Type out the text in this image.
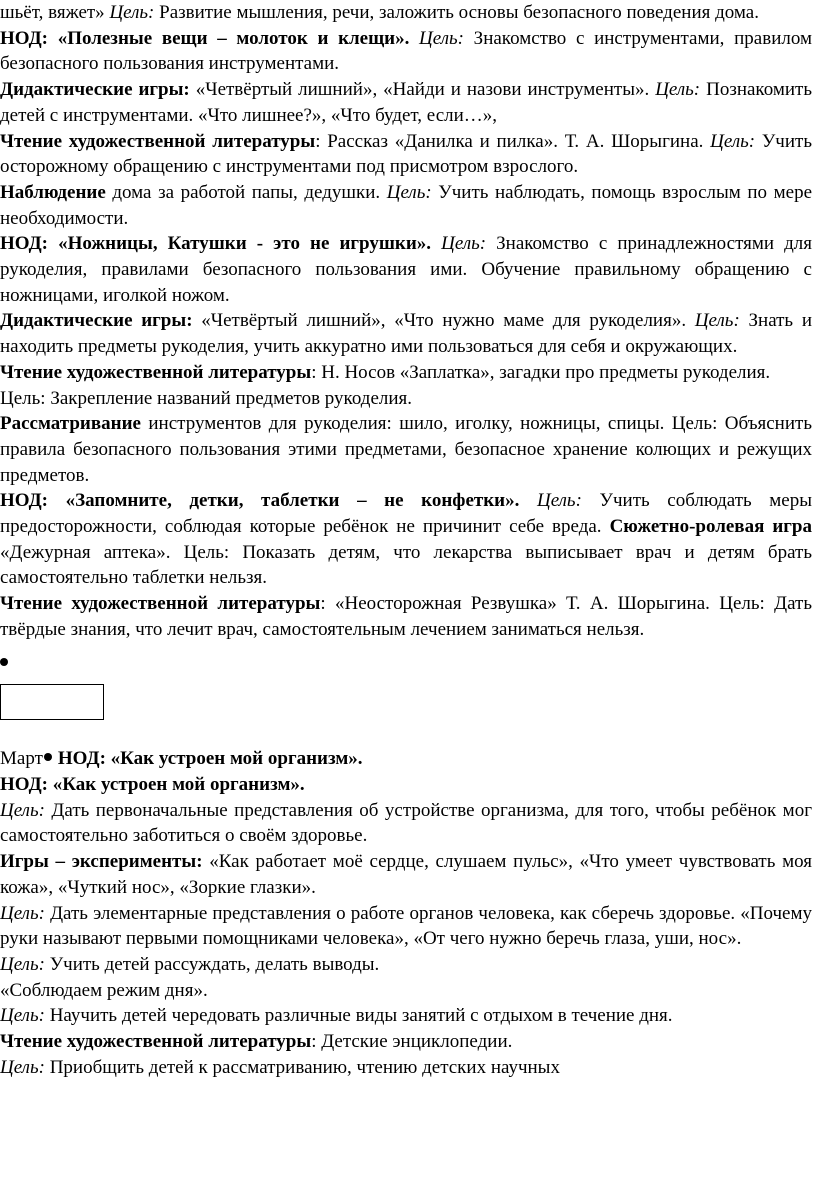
шьёт, вяжет» Цель: Развитие мышления, речи, заложить основы безопасного поведения дома.
НОД: «Полезные вещи – молоток и клещи». Цель: Знакомство с инструментами, правилом безопасного пользования инструментами.
Дидактические игры: «Четвёртый лишний», «Найди и назови инструменты». Цель: Познакомить детей с инструментами. «Что лишнее?», «Что будет, если…»,
Чтение художественной литературы: Рассказ «Данилка и пилка». Т. А. Шорыгина. Цель: Учить осторожному обращению с инструментами под присмотром взрослого.
Наблюдение дома за работой папы, дедушки. Цель: Учить наблюдать, помощь взрослым по мере необходимости.
НОД: «Ножницы, Катушки - это не игрушки». Цель: Знакомство с принадлежностями для рукоделия, правилами безопасного пользования ими. Обучение правильному обращению с ножницами, иголкой ножом.
Дидактические игры: «Четвёртый лишний», «Что нужно маме для рукоделия». Цель: Знать и находить предметы рукоделия, учить аккуратно ими пользоваться для себя и окружающих.
Чтение художественной литературы: Н. Носов «Заплатка», загадки про предметы рукоделия.
Цель: Закрепление названий предметов рукоделия.
Рассматривание инструментов для рукоделия: шило, иголку, ножницы, спицы. Цель: Объяснить правила безопасного пользования этими предметами, безопасное хранение колющих и режущих предметов.
НОД: «Запомните, детки, таблетки – не конфетки». Цель: Учить соблюдать меры предосторожности, соблюдая которые ребёнок не причинит себе вреда. Сюжетно-ролевая игра «Дежурная аптека». Цель: Показать детям, что лекарства выписывает врач и детям брать самостоятельно таблетки нельзя.
Чтение художественной литературы: «Неосторожная Резвушка» Т. А. Шорыгина. Цель: Дать твёрдые знания, что лечит врач, самостоятельным лечением заниматься нельзя.
Март НОД: «Как устроен мой организм».
НОД: «Как устроен мой организм».
Цель: Дать первоначальные представления об устройстве организма, для того, чтобы ребёнок мог самостоятельно заботиться о своём здоровье.
Игры – эксперименты: «Как работает моё сердце, слушаем пульс», «Что умеет чувствовать моя кожа», «Чуткий нос», «Зоркие глазки».
Цель: Дать элементарные представления о работе органов человека, как сберечь здоровье. «Почему руки называют первыми помощниками человека», «От чего нужно беречь глаза, уши, нос».
Цель: Учить детей рассуждать, делать выводы.
«Соблюдаем режим дня».
Цель: Научить детей чередовать различные виды занятий с отдыхом в течение дня.
Чтение художественной литературы: Детские энциклопедии.
Цель: Приобщить детей к рассматриванию, чтению детских научных
